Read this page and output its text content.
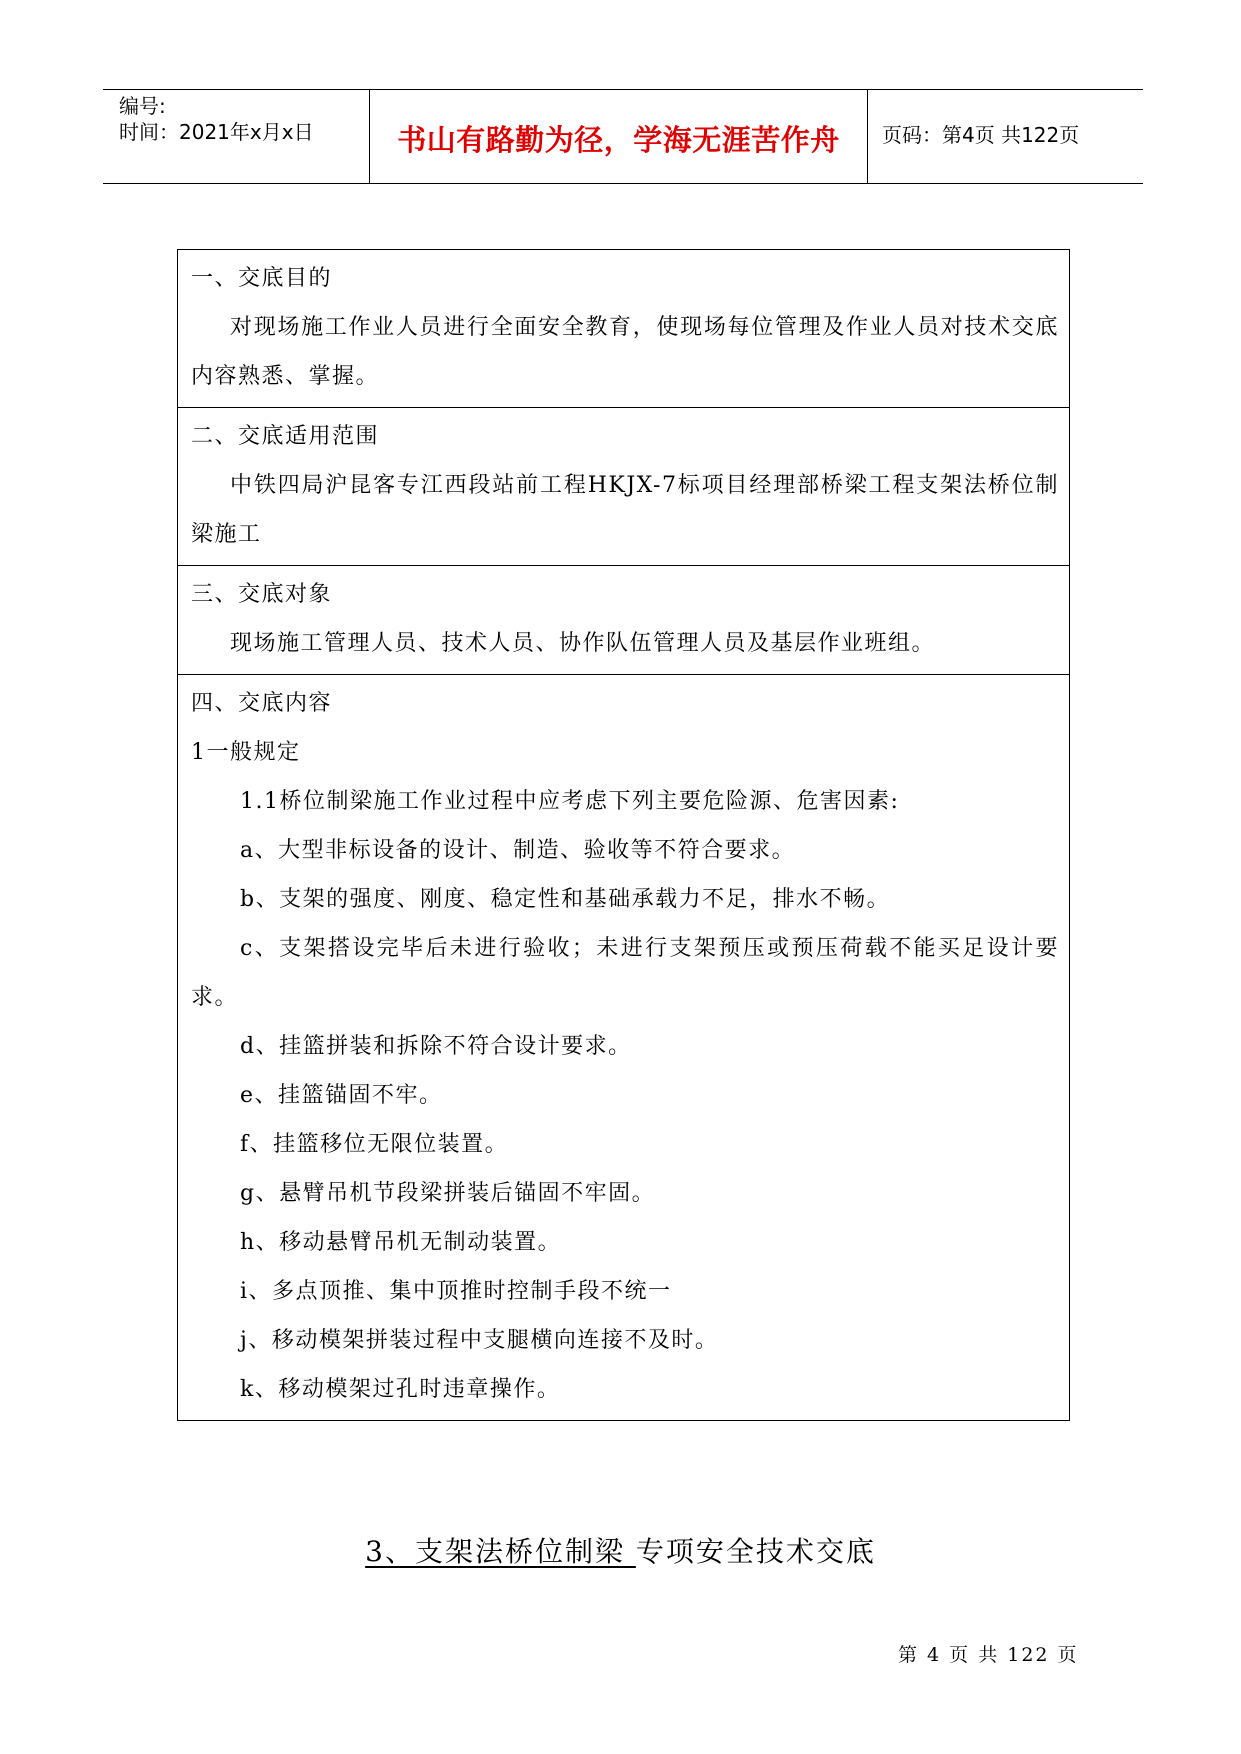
编号:
时间：2021年x月x日	书山有路勤为径，学海无涯苦作舟	页码：第4页 共122页
一、交底目的
对现场施工作业人员进行全面安全教育，使现场每位管理及作业人员对技术交底内容熟悉、掌握。
二、交底适用范围
中铁四局沪昆客专江西段站前工程HKJX-7标项目经理部桥梁工程支架法桥位制梁施工
三、交底对象
现场施工管理人员、技术人员、协作队伍管理人员及基层作业班组。
四、交底内容
1一般规定
1.1桥位制梁施工作业过程中应考虑下列主要危险源、危害因素:
a、大型非标设备的设计、制造、验收等不符合要求。
b、支架的强度、刚度、稳定性和基础承载力不足，排水不畅。
c、支架搭设完毕后未进行验收；未进行支架预压或预压荷载不能买足设计要求。
d、挂篮拼装和拆除不符合设计要求。
e、挂篮锚固不牢。
f、挂篮移位无限位装置。
g、悬臂吊机节段梁拼装后锚固不牢固。
h、移动悬臂吊机无制动装置。
i、多点顶推、集中顶推时控制手段不统一
j、移动模架拼装过程中支腿横向连接不及时。
k、移动模架过孔时违章操作。
3、支架法桥位制梁 专项安全技术交底
第 4 页 共 122 页
